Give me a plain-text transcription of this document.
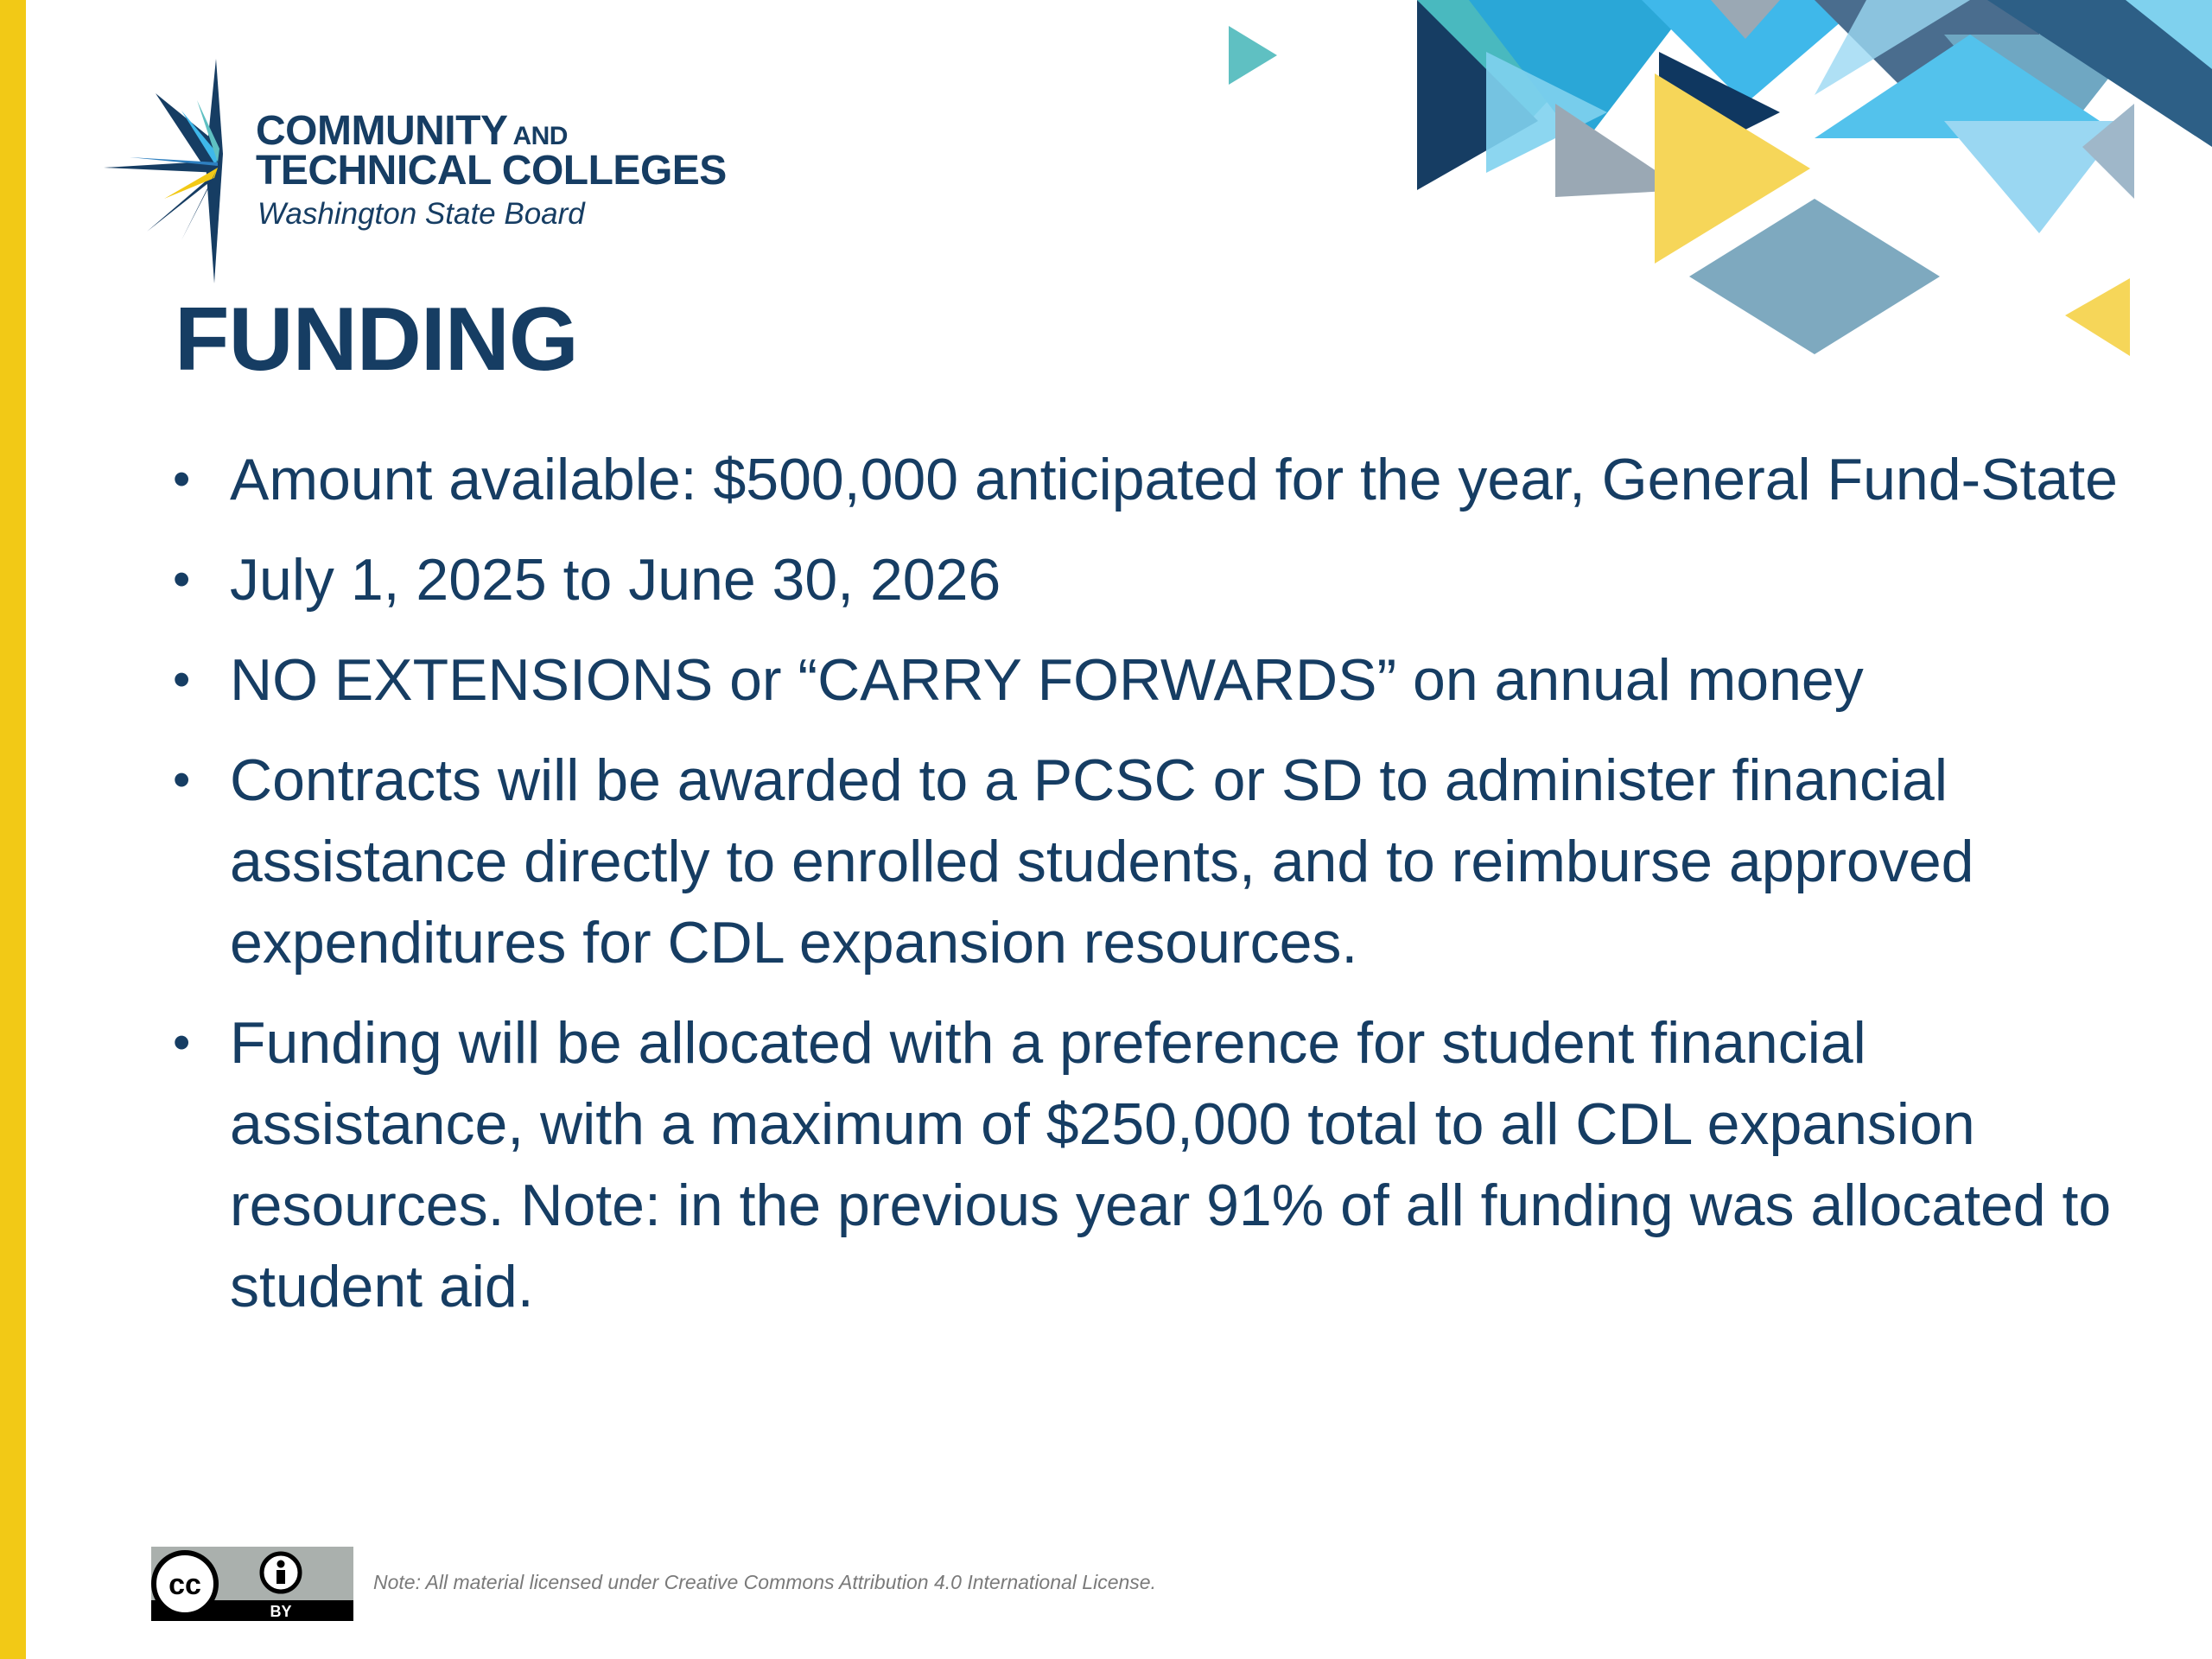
COMMUNITY AND
TECHNICAL COLLEGES
Washington State Board
FUNDING
• Amount available: $500,000 anticipated for the year, General Fund-State
• July 1, 2025 to June 30, 2026
• NO EXTENSIONS or “CARRY FORWARDS” on annual money
• Contracts will be awarded to a PCSC or SD to administer financial assistance directly to enrolled students, and to reimburse approved expenditures for CDL expansion resources.
• Funding will be allocated with a preference for student financial assistance, with a maximum of $250,000 total to all CDL expansion resources. Note: in the previous year 91% of all funding was allocated to student aid.
cc
BY
Note: All material licensed under Creative Commons Attribution 4.0 International License.
